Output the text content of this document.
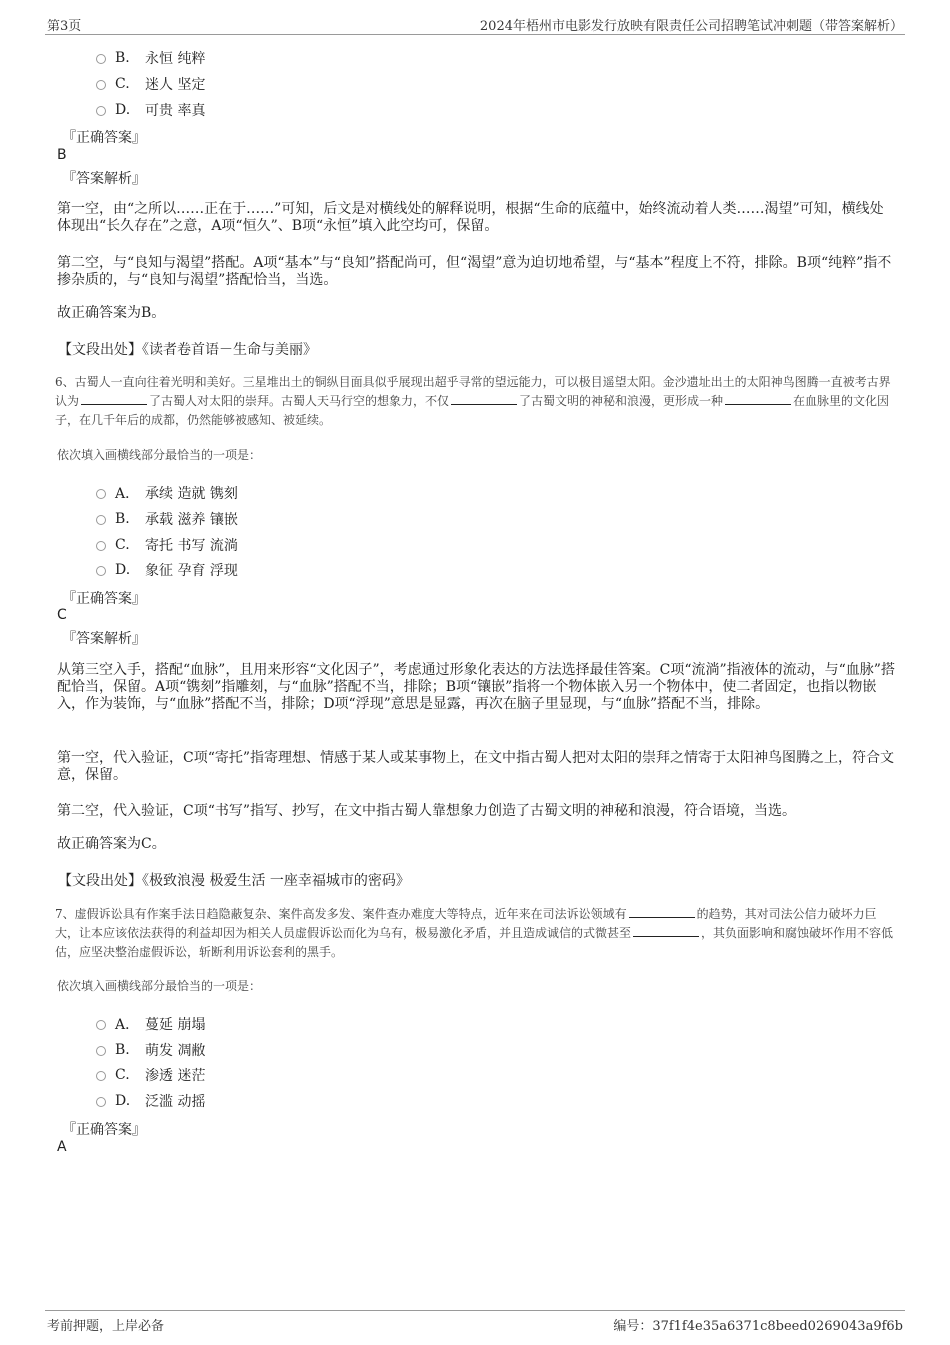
第3页	2024年梧州市电影发行放映有限责任公司招聘笔试冲刺题（带答案解析）
B.	永恒 纯粹
C.	迷人 坚定
D.	可贵 率真
『正确答案』
B
『答案解析』
第一空，由“之所以……正在于……”可知，后文是对横线处的解释说明，根据“生命的底蕴中，始终流动着人类……渴望”可知，横线处体现出“长久存在”之意，A项“恒久”、B项“永恒”填入此空均可，保留。
第二空，与“良知与渴望”搭配。A项“基本”与“良知”搭配尚可，但“渴望”意为迫切地希望，与“基本”程度上不符，排除。B项“纯粹”指不掺杂质的，与“良知与渴望”搭配恰当，当选。
故正确答案为B。
【文段出处】《读者卷首语－生命与美丽》
6、古蜀人一直向往着光明和美好。三星堆出土的铜纵目面具似乎展现出超乎寻常的望远能力，可以极目遥望太阳。金沙遗址出土的太阳神鸟图腾一直被考古界认为	了古蜀人对太阳的崇拜。古蜀人天马行空的想象力，不仅	了古蜀文明的神秘和浪漫，更形成一种	在血脉里的文化因子，在几千年后的成都，仍然能够被感知、被延续。
依次填入画横线部分最恰当的一项是：
A． 承续 造就 镌刻
B.	承载 滋养 镶嵌
C.	寄托 书写 流淌
D.	象征 孕育 浮现
『正确答案』
C
『答案解析』
从第三空入手，搭配“血脉”，且用来形容“文化因子”，考虑通过形象化表达的方法选择最佳答案。C项“流淌”指液体的流动，与“血脉”搭配恰当，保留。A项“镌刻”指雕刻，与“血脉”搭配不当，排除；B项“镶嵌”指将一个物体嵌入另一个物体中，使二者固定，也指以物嵌入，作为装饰，与“血脉”搭配不当，排除；D项“浮现”意思是显露，再次在脑子里显现，与“血脉”搭配不当，排除。
第一空，代入验证，C项“寄托”指寄理想、情感于某人或某事物上，在文中指古蜀人把对太阳的崇拜之情寄于太阳神鸟图腾之上，符合文意，保留。
第二空，代入验证，C项“书写”指写、抄写，在文中指古蜀人靠想象力创造了古蜀文明的神秘和浪漫，符合语境，当选。
故正确答案为C。
【文段出处】《极致浪漫 极爱生活 一座幸福城市的密码》
7、虚假诉讼具有作案手法日趋隐蔽复杂、案件高发多发、案件查办难度大等特点，近年来在司法诉讼领域有	的趋势，其对司法公信力破坏力巨大，让本应该依法获得的利益却因为相关人员虚假诉讼而化为乌有，极易激化矛盾，并且造成诚信的式微甚至	，其负面影响和腐蚀破坏作用不容低估，应坚决整治虚假诉讼，斩断利用诉讼套利的黑手。
依次填入画横线部分最恰当的一项是：
A． 蔓延 崩塌
B.	萌发 凋敝
C.	渗透 迷茫
D.	泛滥 动摇
『正确答案』
A
考前押题，上岸必备	编号：37f1f4e35a6371c8beed0269043a9f6b
